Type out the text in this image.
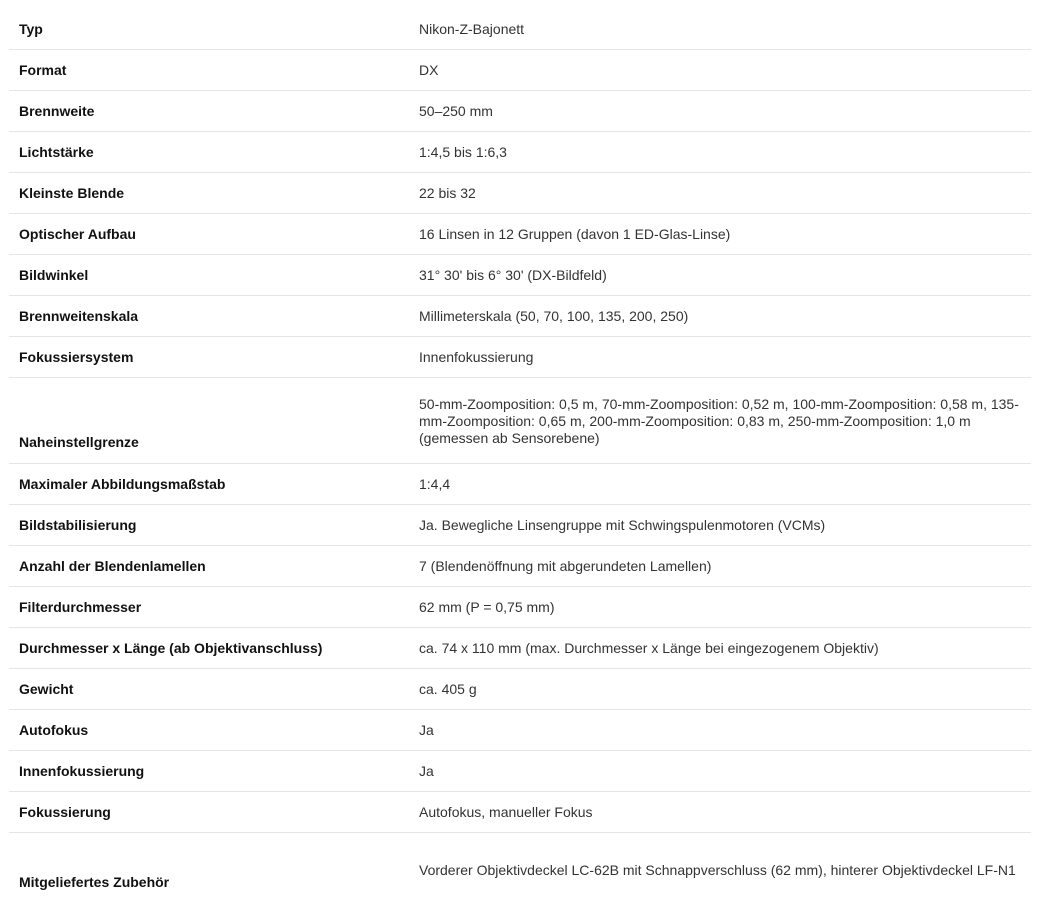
Typ	Nikon-Z-Bajonett
Format	DX
Brennweite	50–250 mm
Lichtstärke	1:4,5 bis 1:6,3
Kleinste Blende	22 bis 32
Optischer Aufbau	16 Linsen in 12 Gruppen (davon 1 ED-Glas-Linse)
Bildwinkel	31° 30' bis 6° 30' (DX-Bildfeld)
Brennweitenskala	Millimeterskala (50, 70, 100, 135, 200, 250)
Fokussiersystem	Innenfokussierung
Naheinstellgrenze	50-mm-Zoomposition: 0,5 m, 70-mm-Zoomposition: 0,52 m, 100-mm-Zoomposition: 0,58 m, 135-mm-Zoomposition: 0,65 m, 200-mm-Zoomposition: 0,83 m, 250-mm-Zoomposition: 1,0 m (gemessen ab Sensorebene)
Maximaler Abbildungsmaßstab	1:4,4
Bildstabilisierung	Ja. Bewegliche Linsengruppe mit Schwingspulenmotoren (VCMs)
Anzahl der Blendenlamellen	7 (Blendenöffnung mit abgerundeten Lamellen)
Filterdurchmesser	62 mm (P = 0,75 mm)
Durchmesser x Länge (ab Objektivanschluss)	ca. 74 x 110 mm (max. Durchmesser x Länge bei eingezogenem Objektiv)
Gewicht	ca. 405 g
Autofokus	Ja
Innenfokussierung	Ja
Fokussierung	Autofokus, manueller Fokus
Mitgeliefertes Zubehör	Vorderer Objektivdeckel LC-62B mit Schnappverschluss (62 mm), hinterer Objektivdeckel LF-N1
